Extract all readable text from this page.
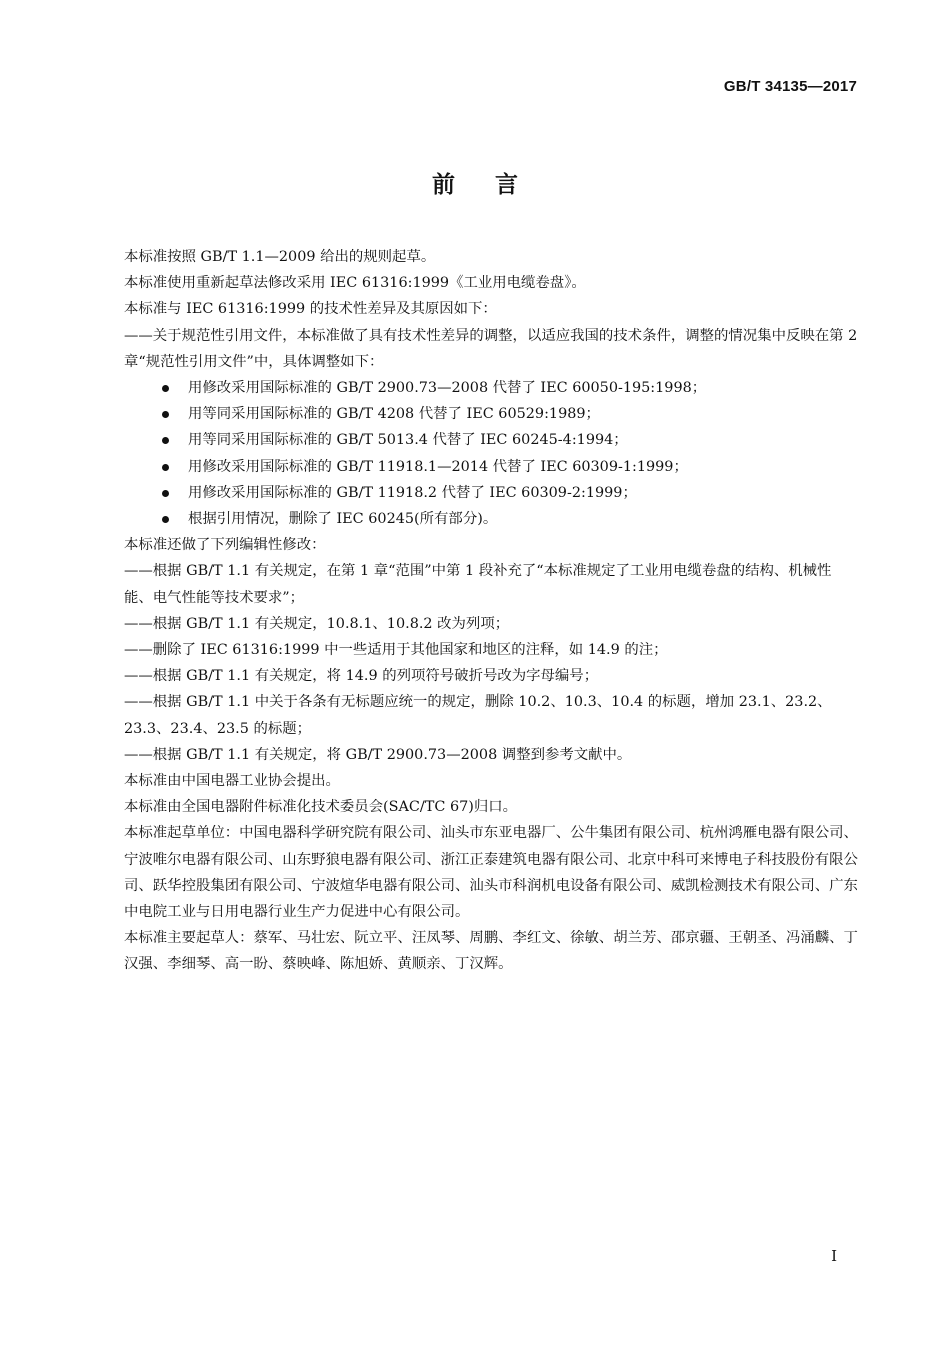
GB/T 34135—2017
前言

本标准按照 GB/T 1.1—2009 给出的规则起草。

本标准使用重新起草法修改采用 IEC 61316:1999《工业用电缆卷盘》。

本标准与 IEC 61316:1999 的技术性差异及其原因如下：

——关于规范性引用文件，本标准做了具有技术性差异的调整，以适应我国的技术条件，调整的情况集中反映在第 2 章“规范性引用文件”中，具体调整如下：

用修改采用国际标准的 GB/T 2900.73—2008 代替了 IEC 60050-195:1998；

用等同采用国际标准的 GB/T 4208 代替了 IEC 60529:1989；

用等同采用国际标准的 GB/T 5013.4 代替了 IEC 60245-4:1994；

用修改采用国际标准的 GB/T 11918.1—2014 代替了 IEC 60309-1:1999；

用修改采用国际标准的 GB/T 11918.2 代替了 IEC 60309-2:1999；

根据引用情况，删除了 IEC 60245(所有部分)。

本标准还做了下列编辑性修改：

——根据 GB/T 1.1 有关规定，在第 1 章“范围”中第 1 段补充了“本标准规定了工业用电缆卷盘的结构、机械性能、电气性能等技术要求”；

——根据 GB/T 1.1 有关规定，10.8.1、10.8.2 改为列项；

——删除了 IEC 61316:1999 中一些适用于其他国家和地区的注释，如 14.9 的注；

——根据 GB/T 1.1 有关规定，将 14.9 的列项符号破折号改为字母编号；

——根据 GB/T 1.1 中关于各条有无标题应统一的规定，删除 10.2、10.3、10.4 的标题，增加 23.1、23.2、23.3、23.4、23.5 的标题；

——根据 GB/T 1.1 有关规定，将 GB/T 2900.73—2008 调整到参考文献中。

本标准由中国电器工业协会提出。

本标准由全国电器附件标准化技术委员会(SAC/TC 67)归口。

本标准起草单位：中国电器科学研究院有限公司、汕头市东亚电器厂、公牛集团有限公司、杭州鸿雁电器有限公司、宁波唯尔电器有限公司、山东野狼电器有限公司、浙江正泰建筑电器有限公司、北京中科可来博电子科技股份有限公司、跃华控股集团有限公司、宁波煊华电器有限公司、汕头市科润机电设备有限公司、威凯检测技术有限公司、广东中电院工业与日用电器行业生产力促进中心有限公司。

本标准主要起草人：蔡军、马壮宏、阮立平、汪凤琴、周鹏、李红文、徐敏、胡兰芳、邵京疆、王朝圣、冯涌麟、丁汉强、李细琴、高一盼、蔡映峰、陈旭娇、黄顺亲、丁汉辉。

I
